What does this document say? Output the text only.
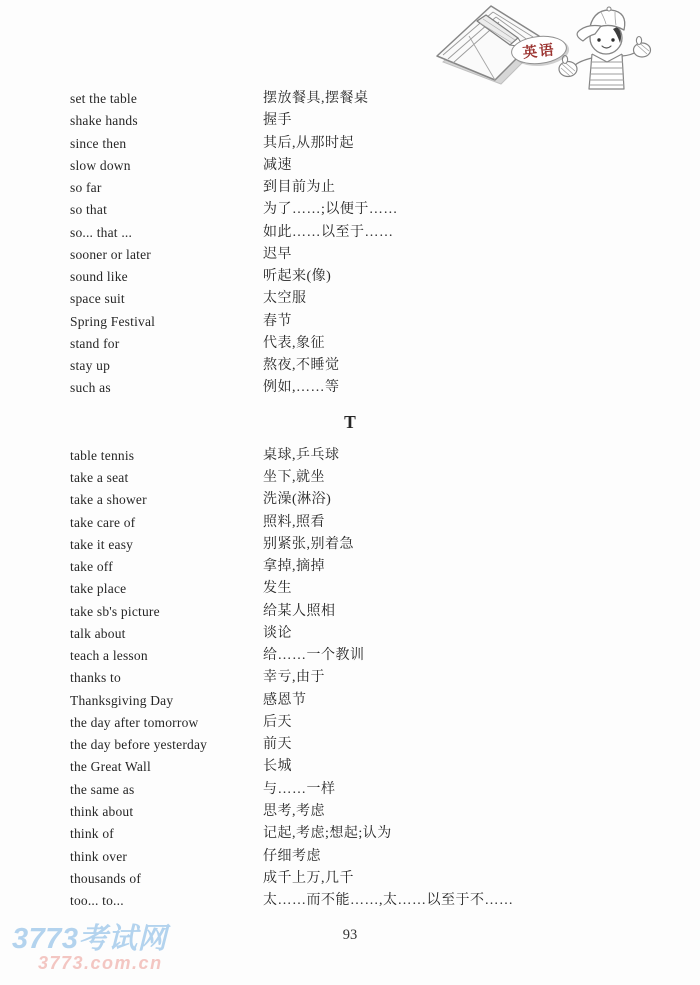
英语
set the table	摆放餐具,摆餐桌
shake hands	握手
since then	其后,从那时起
slow down	减速
so far	到目前为止
so that	为了……;以便于……
so... that ...	如此……以至于……
sooner or later	迟早
sound like	听起来(像)
space suit	太空服
Spring Festival	春节
stand for	代表,象征
stay up	熬夜,不睡觉
such as	例如,……等
T
table tennis	桌球,乒乓球
take a seat	坐下,就坐
take a shower	洗澡(淋浴)
take care of	照料,照看
take it easy	别紧张,别着急
take off	拿掉,摘掉
take place	发生
take sb's picture	给某人照相
talk about	谈论
teach a lesson	给……一个教训
thanks to	幸亏,由于
Thanksgiving Day	感恩节
the day after tomorrow	后天
the day before yesterday	前天
the Great Wall	长城
the same as	与……一样
think about	思考,考虑
think of	记起,考虑;想起;认为
think over	仔细考虑
thousands of	成千上万,几千
too... to...	太……而不能……,太……以至于不……
93
3773考试网
3773.com.cn
